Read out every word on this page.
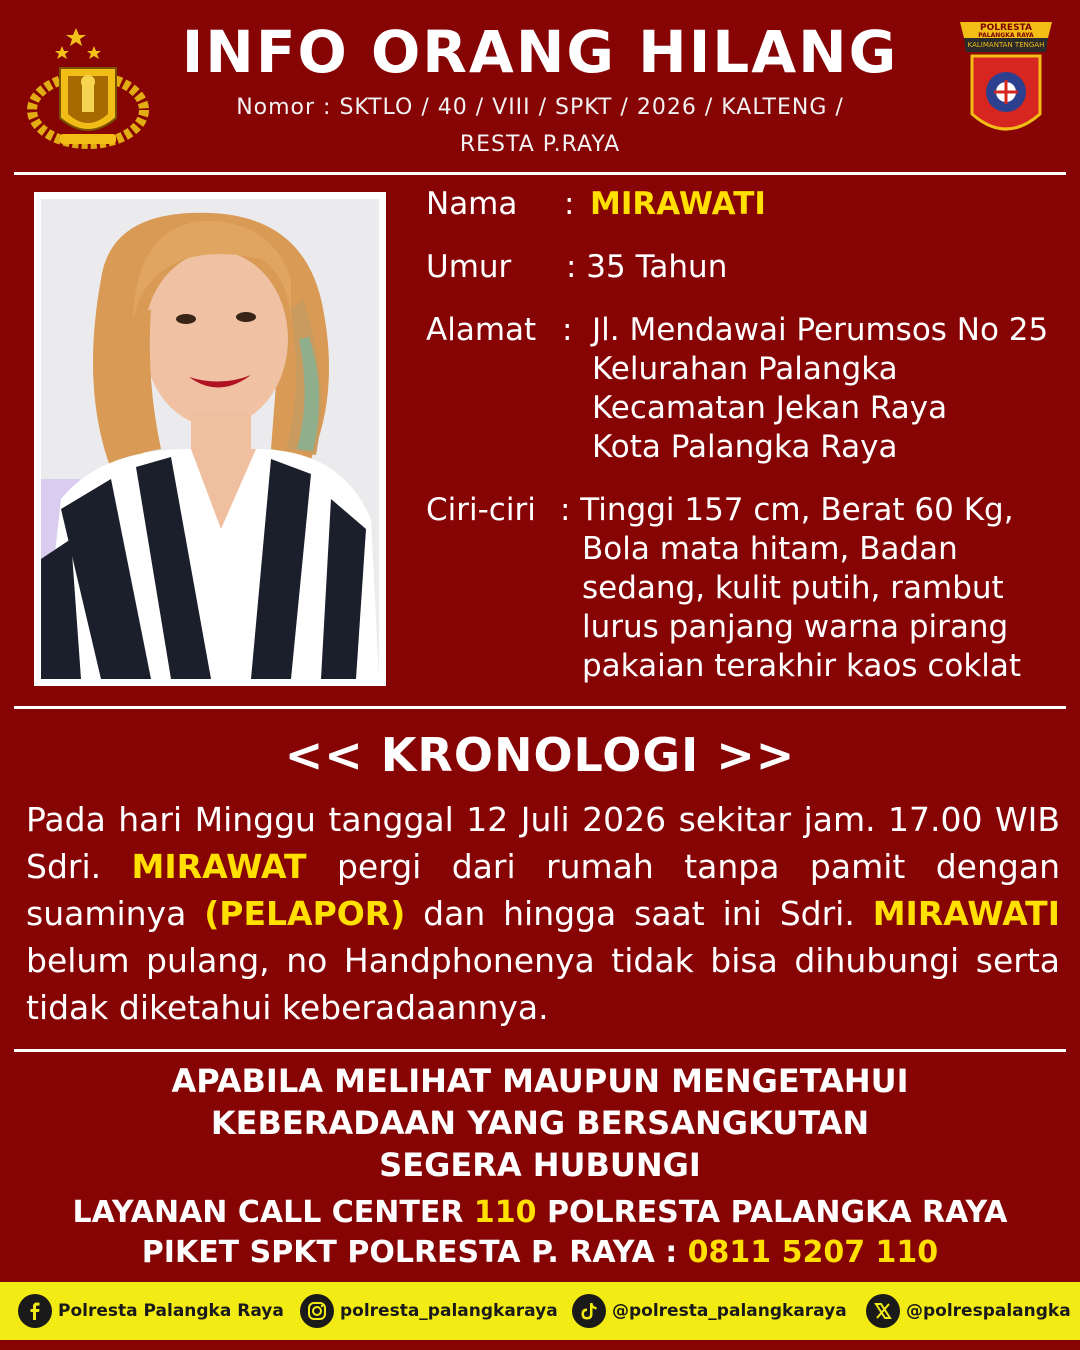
INFO ORANG HILANG
Nomor : SKTLO / 40 / VIII / SPKT / 2026 / KALTENG /
RESTA P.RAYA
POLRESTA
PALANGKA RAYA
KALIMANTAN TENGAH
Nama : MIRAWATI
Umur : 35 Tahun
Alamat : Jl. Mendawai Perumsos No 25
Kelurahan Palangka
Kecamatan Jekan Raya
Kota Palangka Raya
Ciri-ciri : Tinggi 157 cm, Berat 60 Kg,
Bola mata hitam, Badan
sedang, kulit putih, rambut
lurus panjang warna pirang
pakaian terakhir kaos coklat
<< KRONOLOGI >>
Pada hari Minggu tanggal 12 Juli 2026 sekitar jam. 17.00 WIB Sdri. MIRAWAT pergi dari rumah tanpa pamit dengan suaminya (PELAPOR) dan hingga saat ini Sdri. MIRAWATI belum pulang, no Handphonenya tidak bisa dihubungi serta tidak diketahui keberadaannya.
APABILA MELIHAT MAUPUN MENGETAHUI
KEBERADAAN YANG BERSANGKUTAN
SEGERA HUBUNGI
LAYANAN CALL CENTER 110 POLRESTA PALANGKA RAYA
PIKET SPKT POLRESTA P. RAYA : 0811 5207 110
Polresta Palangka Raya	polresta_palangkaraya	@polresta_palangkaraya	@polrespalangka
